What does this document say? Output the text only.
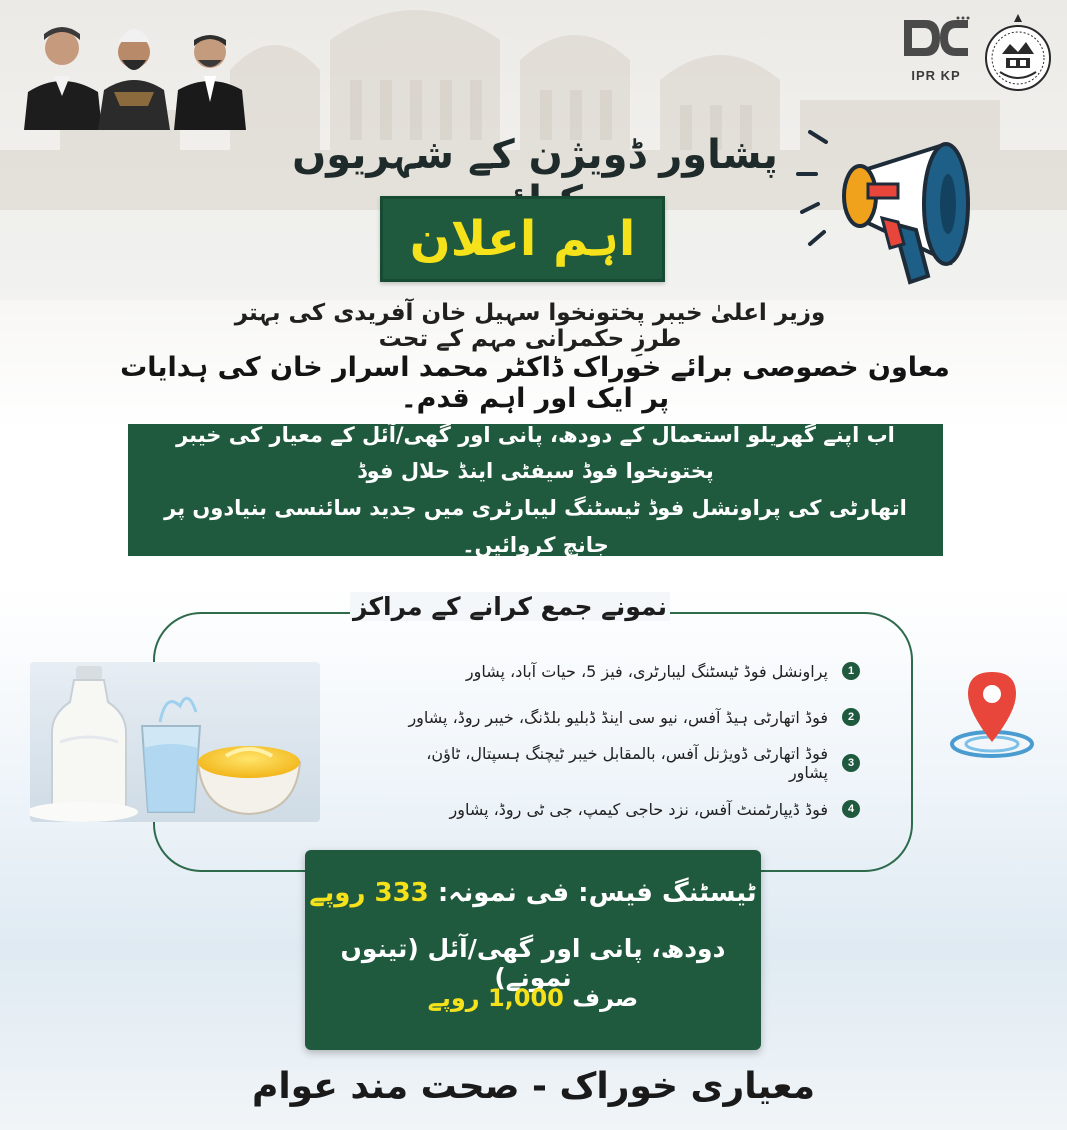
IPR KP
پشاور ڈویژن کے شہریوں
اہم اعلان
وزیر اعلیٰ خیبر پختونخوا سہیل خان آفریدی کی بہتر طرزِ حکمرانی مہم کے تحت
معاون خصوصی برائے خوراک ڈاکٹر محمد اسرار خان کی ہدایات پر ایک اور اہم قدم۔
اب اپنے گھریلو استعمال کے دودھ، پانی اور گھی/آئل کے معیار کی خیبر پختونخوا فوڈ سیفٹی اینڈ حلال فوڈ
اتھارٹی کی پراونشل فوڈ ٹیسٹنگ لیبارٹری میں جدید سائنسی بنیادوں پر جانچ کروائیں۔
نمونے جمع کرانے کے مراکز
1
پراونشل فوڈ ٹیسٹنگ لیبارٹری، فیز 5، حیات آباد، پشاور
2
فوڈ اتھارٹی ہیڈ آفس، نیو سی اینڈ ڈبلیو بلڈنگ، خیبر روڈ، پشاور
3
فوڈ اتھارٹی ڈویژنل آفس، بالمقابل خیبر ٹیچنگ ہسپتال، ٹاؤن، پشاور
4
فوڈ ڈیپارٹمنٹ آفس، نزد حاجی کیمپ، جی ٹی روڈ، پشاور
ٹیسٹنگ فیس: فی نمونہ: 333 روپے
دودھ، پانی اور گھی/آئل (تینوں نمونے)
صرف 1,000 روپے
معیاری خوراک - صحت مند عوام
